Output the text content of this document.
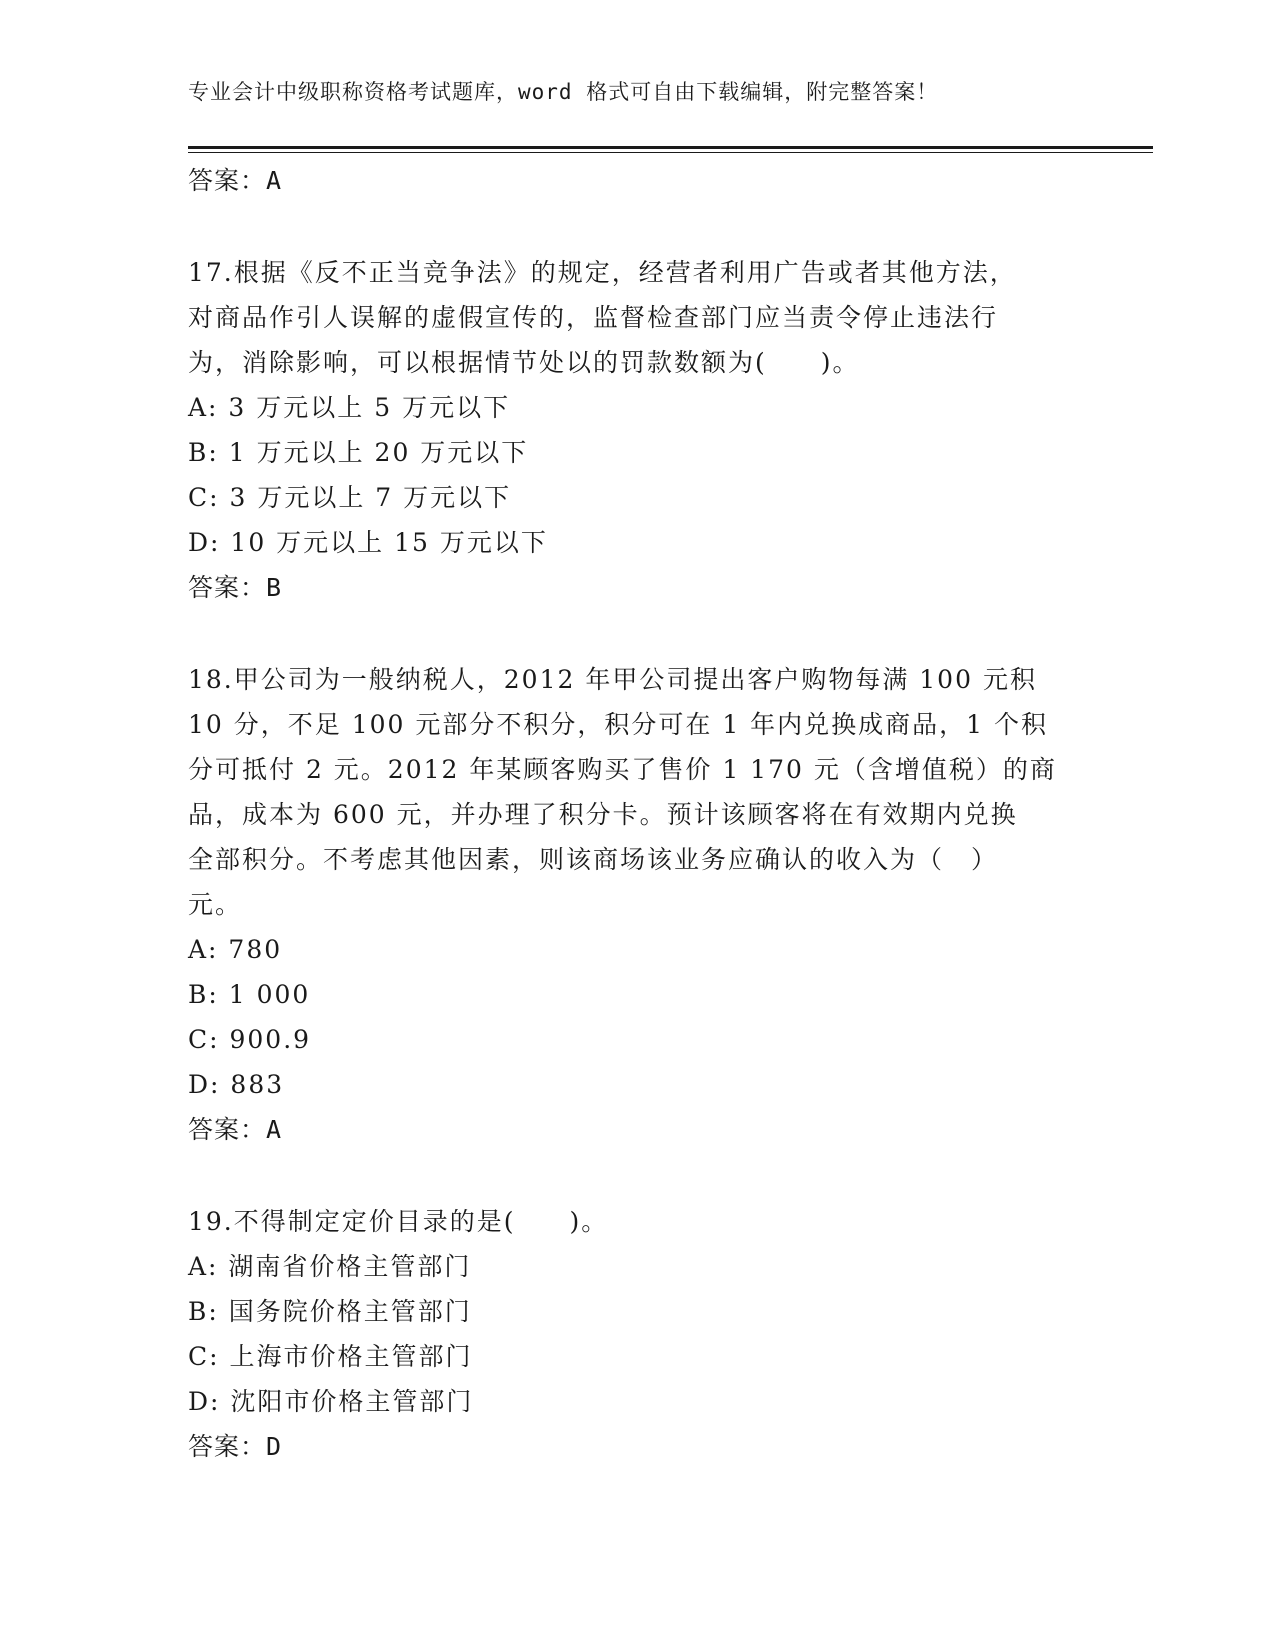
专业会计中级职称资格考试题库，word 格式可自由下载编辑，附完整答案！
答案：A
17.根据《反不正当竞争法》的规定，经营者利用广告或者其他方法，
对商品作引人误解的虚假宣传的，监督检查部门应当责令停止违法行
为，消除影响，可以根据情节处以的罚款数额为(　　)。
A: 3 万元以上 5 万元以下
B: 1 万元以上 20 万元以下
C: 3 万元以上 7 万元以下
D: 10 万元以上 15 万元以下
答案：B
18.甲公司为一般纳税人，2012 年甲公司提出客户购物每满 100 元积
10 分，不足 100 元部分不积分，积分可在 1 年内兑换成商品，1 个积
分可抵付 2 元。2012 年某顾客购买了售价 1 170 元（含增值税）的商
品，成本为 600 元，并办理了积分卡。预计该顾客将在有效期内兑换
全部积分。不考虑其他因素，则该商场该业务应确认的收入为（　）
元。
A: 780
B: 1 000
C: 900.9
D: 883
答案：A
19.不得制定定价目录的是(　　)。
A: 湖南省价格主管部门
B: 国务院价格主管部门
C: 上海市价格主管部门
D: 沈阳市价格主管部门
答案：D
